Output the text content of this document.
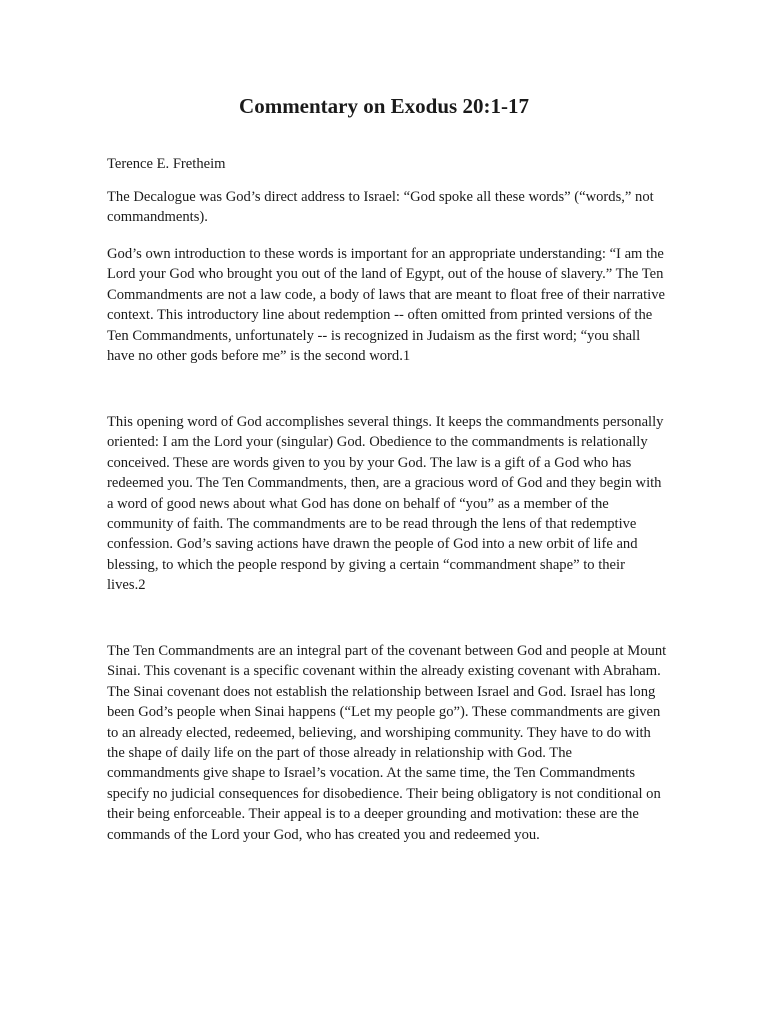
Commentary on Exodus 20:1-17

Terence E. Fretheim

The Decalogue was God’s direct address to Israel: “God spoke all these words” (“words,” not commandments).

God’s own introduction to these words is important for an appropriate understanding: “I am the Lord your God who brought you out of the land of Egypt, out of the house of slavery.” The Ten Commandments are not a law code, a body of laws that are meant to float free of their narrative context. This introductory line about redemption -- often omitted from printed versions of the Ten Commandments, unfortunately -- is recognized in Judaism as the first word; “you shall have no other gods before me” is the second word.1

This opening word of God accomplishes several things. It keeps the commandments personally oriented: I am the Lord your (singular) God. Obedience to the commandments is relationally conceived. These are words given to you by your God. The law is a gift of a God who has redeemed you. The Ten Commandments, then, are a gracious word of God and they begin with a word of good news about what God has done on behalf of “you” as a member of the community of faith. The commandments are to be read through the lens of that redemptive confession. God’s saving actions have drawn the people of God into a new orbit of life and blessing, to which the people respond by giving a certain “commandment shape” to their lives.2

The Ten Commandments are an integral part of the covenant between God and people at Mount Sinai. This covenant is a specific covenant within the already existing covenant with Abraham. The Sinai covenant does not establish the relationship between Israel and God. Israel has long been God’s people when Sinai happens (“Let my people go”). These commandments are given to an already elected, redeemed, believing, and worshiping community. They have to do with the shape of daily life on the part of those already in relationship with God. The commandments give shape to Israel’s vocation. At the same time, the Ten Commandments specify no judicial consequences for disobedience. Their being obligatory is not conditional on their being enforceable. Their appeal is to a deeper grounding and motivation: these are the commands of the Lord your God, who has created you and redeemed you.
